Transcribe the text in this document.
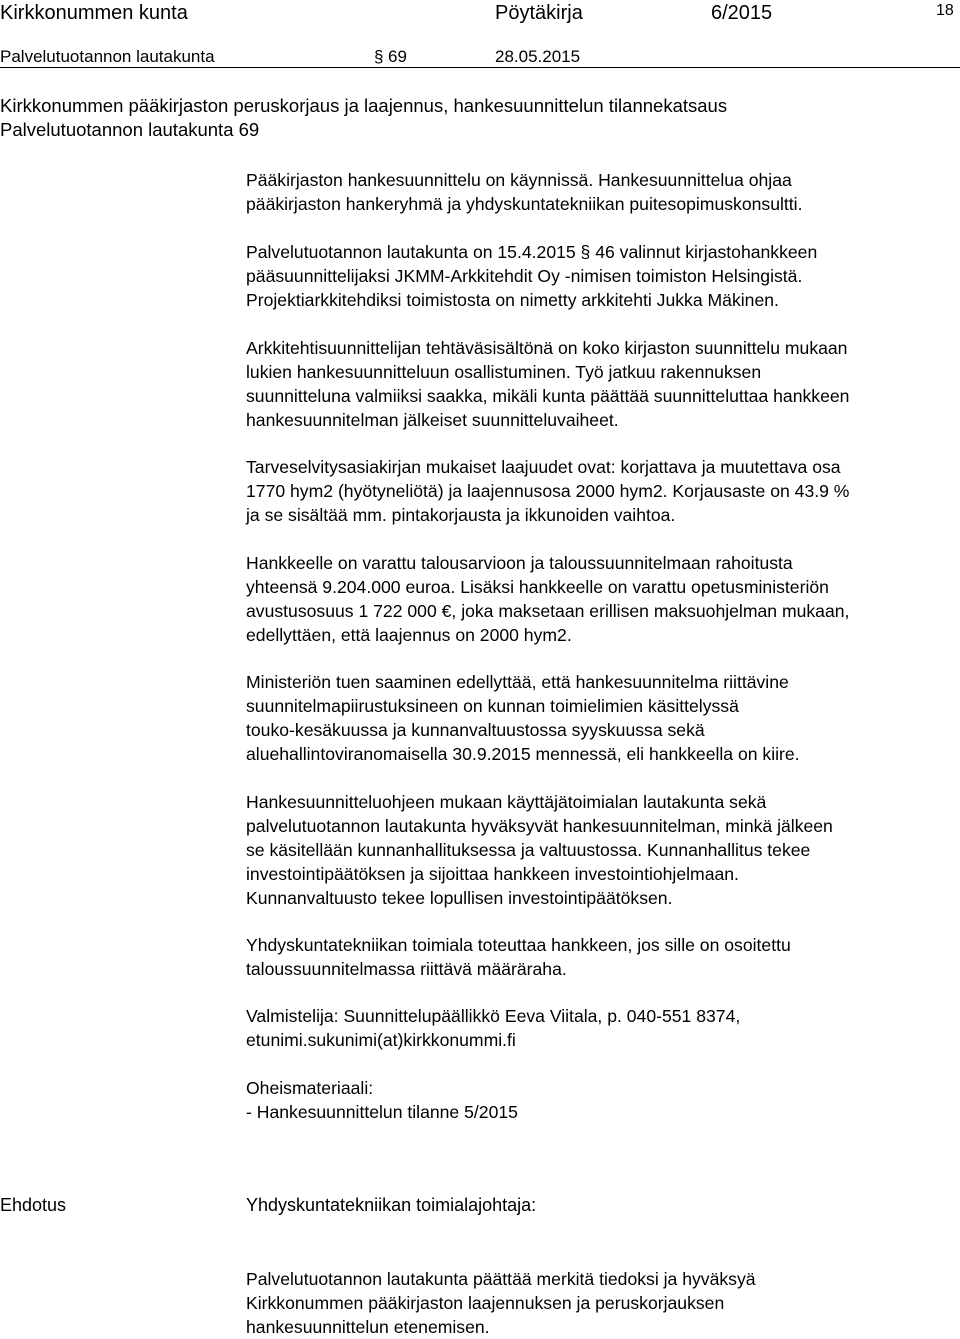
Kirkkonummen kunta	Pöytäkirja	6/2015	18
Palvelutuotannon lautakunta	§ 69	28.05.2015
Kirkkonummen pääkirjaston peruskorjaus ja laajennus, hankesuunnittelun tilannekatsaus
Palvelutuotannon lautakunta 69

Pääkirjaston hankesuunnittelu on käynnissä. Hankesuunnittelua ohjaa

pääkirjaston hankeryhmä ja yhdyskuntatekniikan puitesopimuskonsultti.

Palvelutuotannon lautakunta on 15.4.2015 § 46 valinnut kirjastohankkeen

pääsuunnittelijaksi JKMM-Arkkitehdit Oy -nimisen toimiston Helsingistä.

Projektiarkkitehdiksi toimistosta on nimetty arkkitehti Jukka Mäkinen.

Arkkitehtisuunnittelijan tehtäväsisältönä on koko kirjaston suunnittelu mukaan

lukien hankesuunnitteluun osallistuminen. Työ jatkuu rakennuksen

suunnitteluna valmiiksi saakka, mikäli kunta päättää suunnitteluttaa hankkeen

hankesuunnitelman jälkeiset suunnitteluvaiheet.

Tarveselvitysasiakirjan mukaiset laajuudet ovat: korjattava ja muutettava osa

1770 hym2 (hyötyneliötä) ja laajennusosa 2000 hym2. Korjausaste on 43.9 %

ja se sisältää mm. pintakorjausta ja ikkunoiden vaihtoa.

Hankkeelle on varattu talousarvioon ja taloussuunnitelmaan rahoitusta

yhteensä 9.204.000 euroa. Lisäksi hankkeelle on varattu opetusministeriön

avustusosuus 1 722 000 €, joka maksetaan erillisen maksuohjelman mukaan,

edellyttäen, että laajennus on 2000 hym2.

Ministeriön tuen saaminen edellyttää, että hankesuunnitelma riittävine

suunnitelmapiirustuksineen on kunnan toimielimien käsittelyssä

touko-kesäkuussa ja kunnanvaltuustossa syyskuussa sekä

aluehallintoviranomaisella 30.9.2015 mennessä, eli hankkeella on kiire.

Hankesuunnitteluohjeen mukaan käyttäjätoimialan lautakunta sekä

palvelutuotannon lautakunta hyväksyvät hankesuunnitelman, minkä jälkeen

se käsitellään kunnanhallituksessa ja valtuustossa. Kunnanhallitus tekee

investointipäätöksen ja sijoittaa hankkeen investointiohjelmaan.

Kunnanvaltuusto tekee lopullisen investointipäätöksen.

Yhdyskuntatekniikan toimiala toteuttaa hankkeen, jos sille on osoitettu

taloussuunnitelmassa riittävä määräraha.

Valmistelija: Suunnittelupäällikkö Eeva Viitala, p. 040-551 8374,

etunimi.sukunimi(at)kirkkonummi.fi

Oheismateriaali:

- Hankesuunnittelun tilanne 5/2015

Ehdotus	Yhdyskuntatekniikan toimialajohtaja:

Palvelutuotannon lautakunta päättää merkitä tiedoksi ja hyväksyä

Kirkkonummen pääkirjaston laajennuksen ja peruskorjauksen

hankesuunnittelun etenemisen.
